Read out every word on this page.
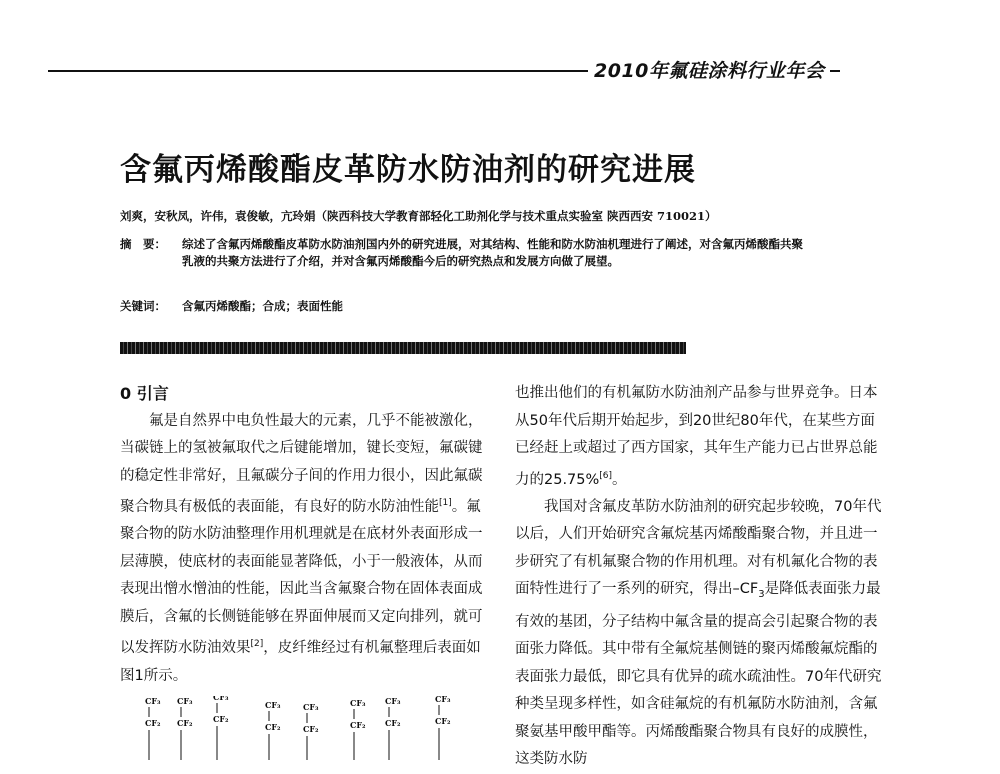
2010年氟硅涂料行业年会
含氟丙烯酸酯皮革防水防油剂的研究进展
刘爽，安秋凤，许伟，袁俊敏，亢玲娟（陕西科技大学教育部轻化工助剂化学与技术重点实验室 陕西西安 710021）
摘　要： 综述了含氟丙烯酸酯皮革防水防油剂国内外的研究进展，对其结构、性能和防水防油机理进行了阐述，对含氟丙烯酸酯共聚乳液的共聚方法进行了介绍，并对含氟丙烯酸酯今后的研究热点和发展方向做了展望。
关键词： 含氟丙烯酸酯；合成；表面性能
0 引言

氟是自然界中电负性最大的元素，几乎不能被激化，当碳链上的氢被氟取代之后键能增加，键长变短，氟碳键的稳定性非常好，且氟碳分子间的作用力很小，因此氟碳聚合物具有极低的表面能，有良好的防水防油性能[1]。氟聚合物的防水防油整理作用机理就是在底材外表面形成一层薄膜，使底材的表面能显著降低，小于一般液体，从而表现出憎水憎油的性能，因此当含氟聚合物在固体表面成膜后，含氟的长侧链能够在界面伸展而又定向排列，就可以发挥防水防油效果[2]，皮纤维经过有机氟整理后表面如图1所示。

也推出他们的有机氟防水防油剂产品参与世界竞争。日本从50年代后期开始起步，到20世纪80年代，在某些方面已经赶上或超过了西方国家，其年生产能力已占世界总能力的25.75%[6]。

我国对含氟皮革防水防油剂的研究起步较晚，70年代以后，人们开始研究含氟烷基丙烯酸酯聚合物，并且进一步研究了有机氟聚合物的作用机理。对有机氟化合物的表面特性进行了一系列的研究，得出$-CF_3$是降低表面张力最有效的基团，分子结构中氟含量的提高会引起聚合物的表面张力降低。其中带有全氟烷基侧链的聚丙烯酸氟烷酯的表面张力最低，即它具有优异的疏水疏油性。70年代研究种类呈现多样性，如含硅氟烷的有机氟防水防油剂，含氟聚氨基甲酸甲酯等。丙烯酸酯聚合物具有良好的成膜性，这类防水防

CF₃
CF₂
CF₃
CF₂
CF₃
CF₂
CF₃
CF₂
CF₃
CF₂
CF₃
CF₂
CF₃
CF₂
CF₃
CF₂
